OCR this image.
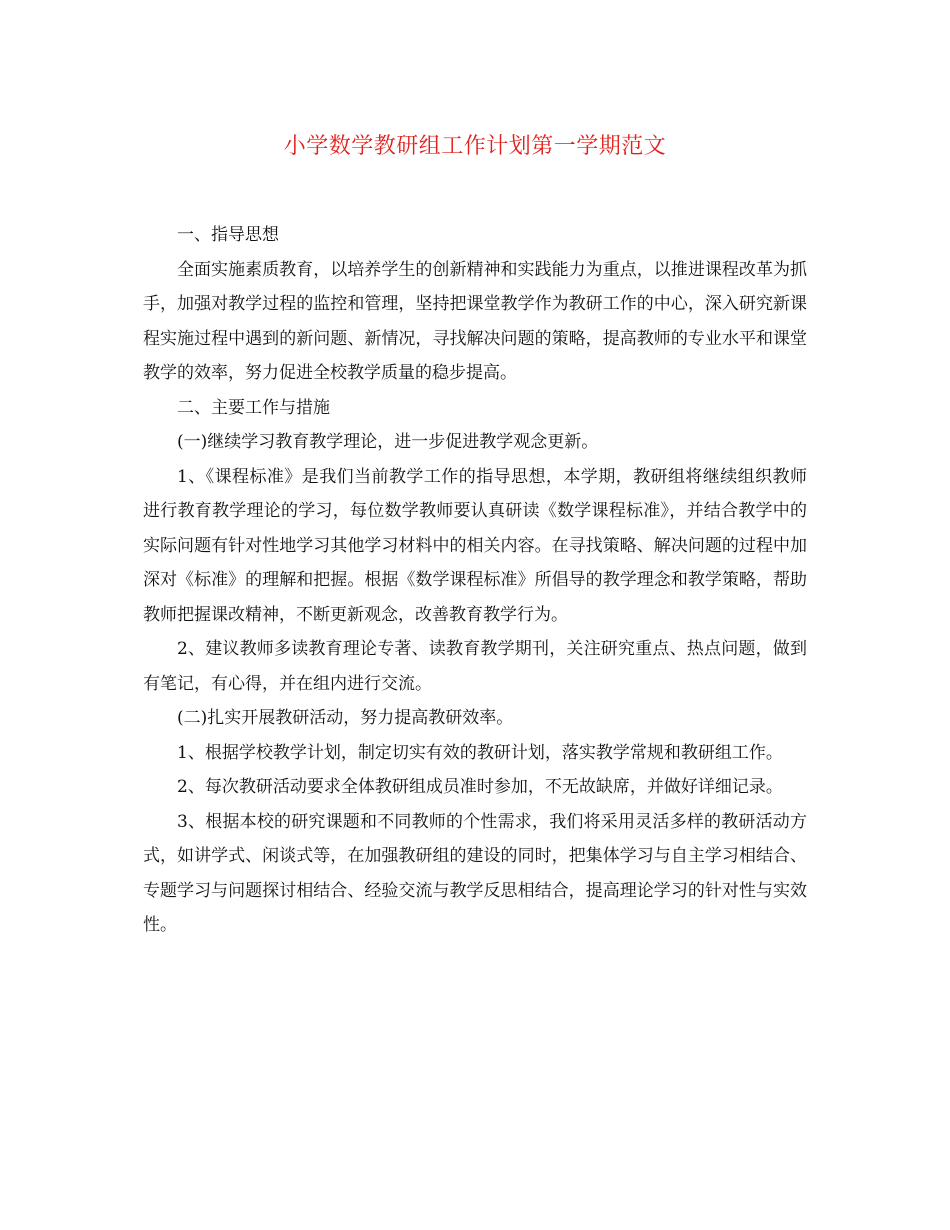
小学数学教研组工作计划第一学期范文

一、指导思想

全面实施素质教育，以培养学生的创新精神和实践能力为重点，以推进课程改革为抓手，加强对教学过程的监控和管理，坚持把课堂教学作为教研工作的中心，深入研究新课程实施过程中遇到的新问题、新情况，寻找解决问题的策略，提高教师的专业水平和课堂教学的效率，努力促进全校教学质量的稳步提高。

二、主要工作与措施

(一)继续学习教育教学理论，进一步促进教学观念更新。

1、《课程标准》是我们当前教学工作的指导思想，本学期，教研组将继续组织教师进行教育教学理论的学习，每位数学教师要认真研读《数学课程标准》，并结合教学中的实际问题有针对性地学习其他学习材料中的相关内容。在寻找策略、解决问题的过程中加深对《标准》的理解和把握。根据《数学课程标准》所倡导的教学理念和教学策略，帮助教师把握课改精神，不断更新观念，改善教育教学行为。

2、建议教师多读教育理论专著、读教育教学期刊，关注研究重点、热点问题，做到有笔记，有心得，并在组内进行交流。

(二)扎实开展教研活动，努力提高教研效率。

1、根据学校教学计划，制定切实有效的教研计划，落实教学常规和教研组工作。

2、每次教研活动要求全体教研组成员准时参加，不无故缺席，并做好详细记录。

3、根据本校的研究课题和不同教师的个性需求，我们将采用灵活多样的教研活动方式，如讲学式、闲谈式等，在加强教研组的建设的同时，把集体学习与自主学习相结合、专题学习与问题探讨相结合、经验交流与教学反思相结合，提高理论学习的针对性与实效性。
